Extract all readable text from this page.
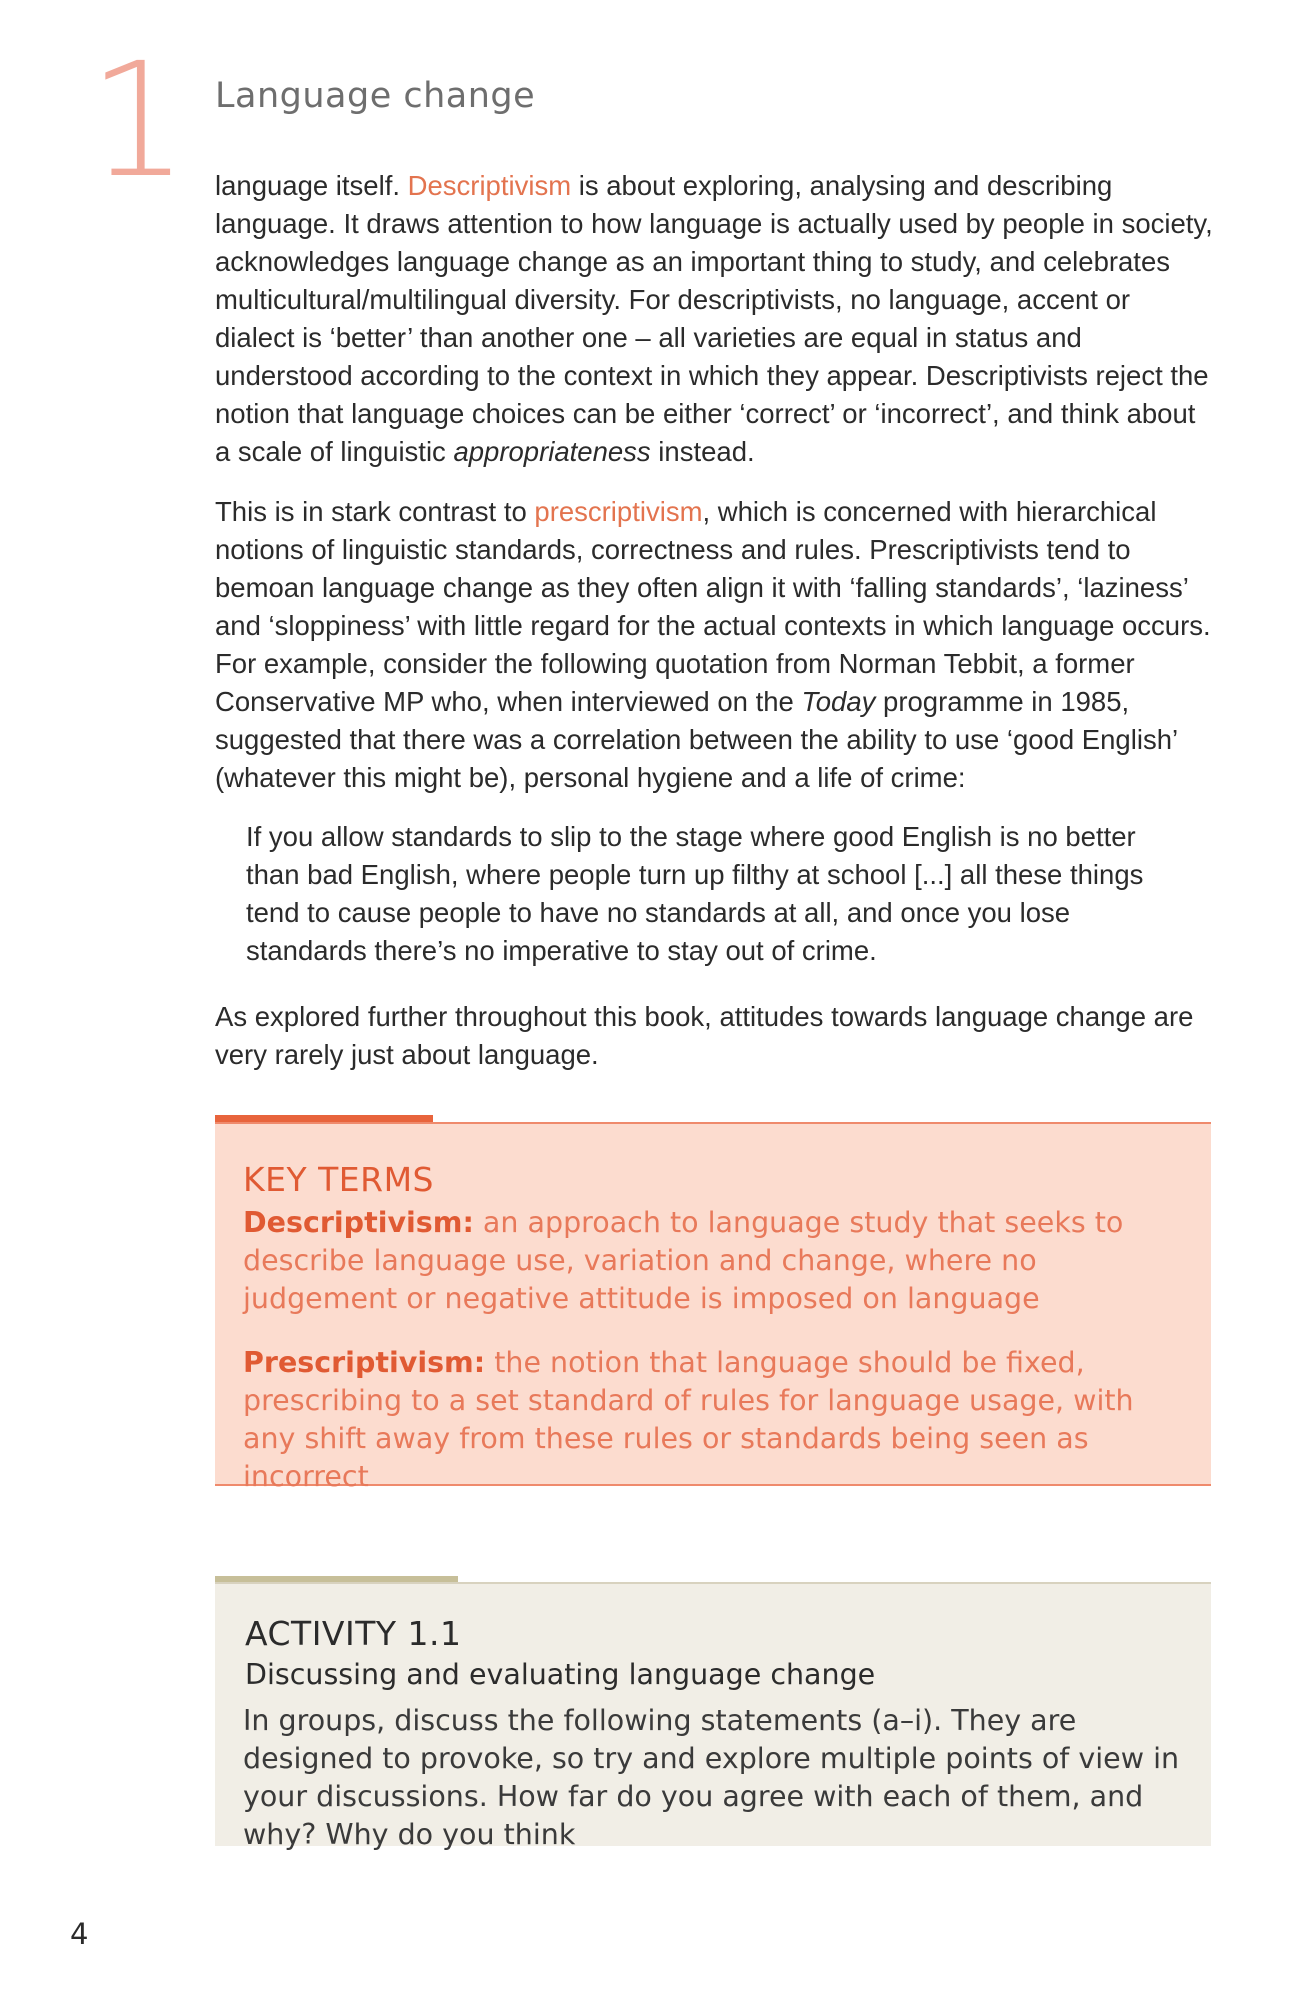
1 Language change

language itself. Descriptivism is about exploring, analysing and describing language. It draws attention to how language is actually used by people in society, acknowledges language change as an important thing to study, and celebrates multicultural/multilingual diversity. For descriptivists, no language, accent or dialect is ‘better’ than another one – all varieties are equal in status and understood according to the context in which they appear. Descriptivists reject the notion that language choices can be either ‘correct’ or ‘incorrect’, and think about a scale of linguistic appropriateness instead.

This is in stark contrast to prescriptivism, which is concerned with hierarchical notions of linguistic standards, correctness and rules. Prescriptivists tend to bemoan language change as they often align it with ‘falling standards’, ‘laziness’ and ‘sloppiness’ with little regard for the actual contexts in which language occurs. For example, consider the following quotation from Norman Tebbit, a former Conservative MP who, when interviewed on the Today programme in 1985, suggested that there was a correlation between the ability to use ‘good English’ (whatever this might be), personal hygiene and a life of crime:

If you allow standards to slip to the stage where good English is no better than bad English, where people turn up filthy at school [...] all these things tend to cause people to have no standards at all, and once you lose standards there’s no imperative to stay out of crime.
As explored further throughout this book, attitudes towards language change are very rarely just about language.
KEY TERMS
Descriptivism: an approach to language study that seeks to describe language use, variation and change, where no judgement or negative attitude is imposed on language
Prescriptivism: the notion that language should be fixed, prescribing to a set standard of rules for language usage, with any shift away from these rules or standards being seen as incorrect
ACTIVITY 1.1
Discussing and evaluating language change
In groups, discuss the following statements (a–i). They are designed to provoke, so try and explore multiple points of view in your discussions. How far do you agree with each of them, and why? Why do you think
4
